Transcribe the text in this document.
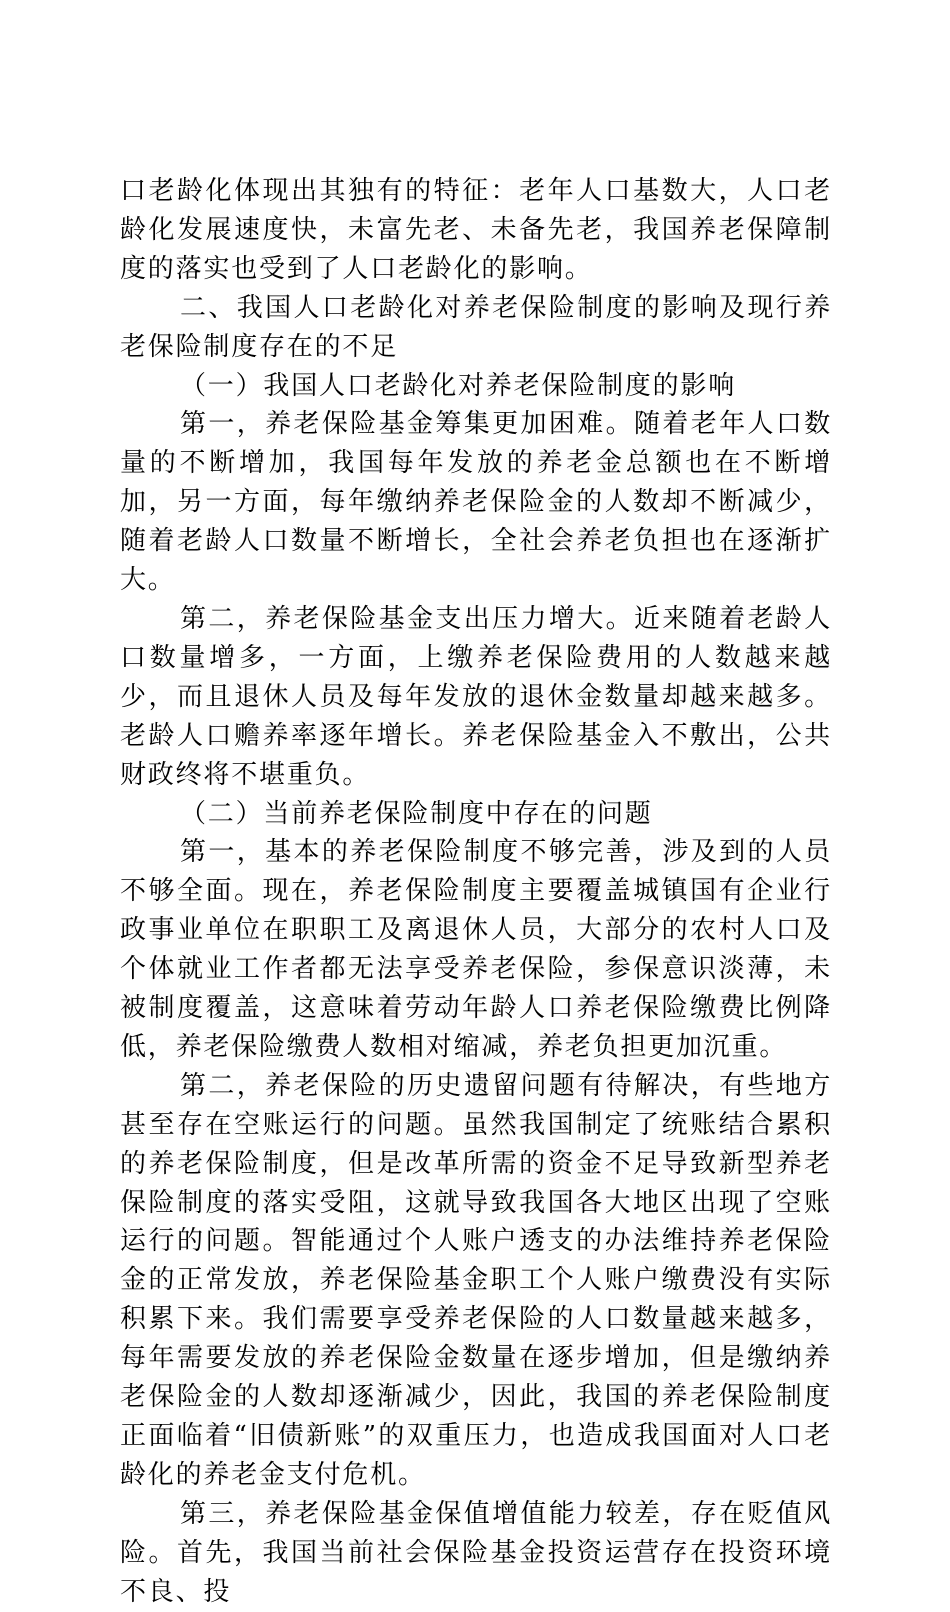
口老龄化体现出其独有的特征：老年人口基数大，人口老龄化发展速度快，未富先老、未备先老，我国养老保障制度的落实也受到了人口老龄化的影响。

二、我国人口老龄化对养老保险制度的影响及现行养老保险制度存在的不足

（一）我国人口老龄化对养老保险制度的影响

第一，养老保险基金筹集更加困难。随着老年人口数量的不断增加，我国每年发放的养老金总额也在不断增加，另一方面，每年缴纳养老保险金的人数却不断减少，随着老龄人口数量不断增长，全社会养老负担也在逐渐扩大。

第二，养老保险基金支出压力增大。近来随着老龄人口数量增多，一方面，上缴养老保险费用的人数越来越少，而且退休人员及每年发放的退休金数量却越来越多。老龄人口赡养率逐年增长。养老保险基金入不敷出，公共财政终将不堪重负。

（二）当前养老保险制度中存在的问题

第一，基本的养老保险制度不够完善，涉及到的人员不够全面。现在，养老保险制度主要覆盖城镇国有企业行政事业单位在职职工及离退休人员，大部分的农村人口及个体就业工作者都无法享受养老保险，参保意识淡薄，未被制度覆盖，这意味着劳动年龄人口养老保险缴费比例降低，养老保险缴费人数相对缩减，养老负担更加沉重。

第二，养老保险的历史遗留问题有待解决，有些地方甚至存在空账运行的问题。虽然我国制定了统账结合累积的养老保险制度，但是改革所需的资金不足导致新型养老保险制度的落实受阻，这就导致我国各大地区出现了空账运行的问题。智能通过个人账户透支的办法维持养老保险金的正常发放，养老保险基金职工个人账户缴费没有实际积累下来。我们需要享受养老保险的人口数量越来越多，每年需要发放的养老保险金数量在逐步增加，但是缴纳养老保险金的人数却逐渐减少，因此，我国的养老保险制度正面临着“旧债新账”的双重压力，也造成我国面对人口老龄化的养老金支付危机。

第三，养老保险基金保值增值能力较差，存在贬值风险。首先，我国当前社会保险基金投资运营存在投资环境不良、投
